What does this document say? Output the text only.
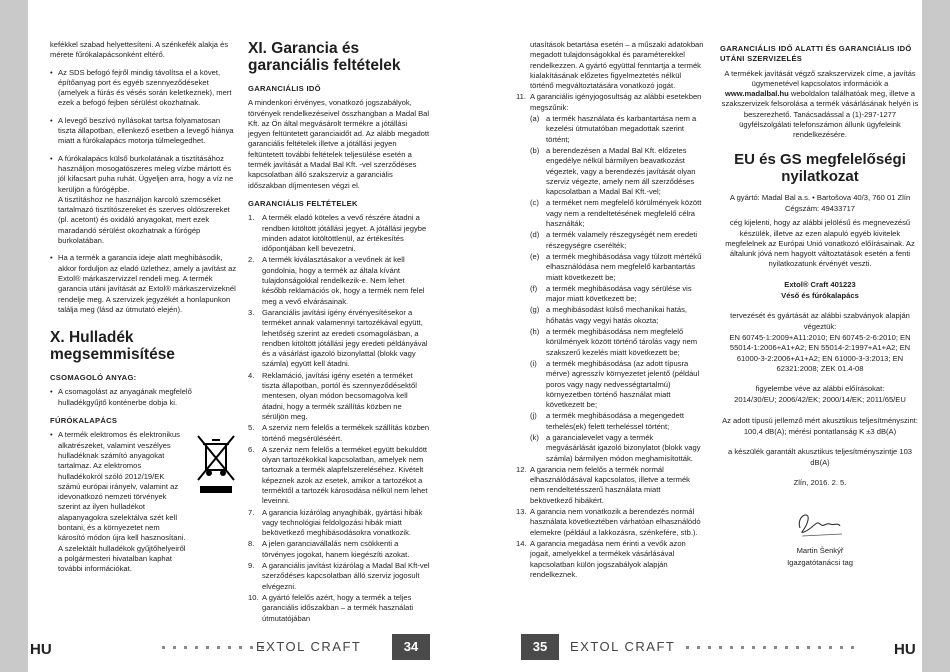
kefékkel szabad helyettesíteni. A szénkefék alakja és mérete fűrókalapácsonként eltérő.

• Az SDS befogó fejről mindig távolítsa el a követ, építőanyag port és egyéb szennyeződéseket (amelyek a fúrás és vésés során keletkeznek), mert ezek a befogó fejben sérülést okozhatnak.
• A levegő beszívó nyílásokat tartsa folyamatosan tiszta állapotban, ellenkező esetben a levegő hiánya miatt a fúrókalapács motorja túlmelegedhet.
• A fúrókalapács külső burkolatának a tisztításához használjon mosogatószeres meleg vízbe mártott és jól kifacsart puha ruhát. Ügyeljen arra, hogy a víz ne kerüljön a fúrógépbe.
A tisztításhoz ne használjon karcoló szemcséket tartalmazó tisztítószereket és szerves oldószereket (pl. acetont) és oxidáló anyagokat, mert ezek maradandó sérülést okozhatnak a fúrógép burkolatában.
• Ha a termék a garancia ideje alatt meghibásodik, akkor forduljon az eladó üzlethez, amely a javítást az Extol® márkaszervizzel rendeli meg. A termék garancia utáni javítását az Extol® márkaszervizeknél rendelje meg. A szervizek jegyzékét a honlapunkon találja meg (lásd az útmutató elején).
X. Hulladék megsemmisítése
CSOMAGOLÓ ANYAG:
• A csomagolást az anyagának megfelelő hulladékgyűjtő konténerbe dobja ki.
FÚRÓKALAPÁCS
• A termék elektromos és elektronikus alkatrészeket, valamint veszélyes hulladéknak számító anyagokat tartalmaz. Az elektromos hulladékokról szóló 2012/19/EK számú európai irányelv, valamint az idevonatkozó nemzeti törvények szerint az ilyen hulladékot alapanyagokra szelektálva szét kell bontani, és a környezetet nem károsító módon újra kell hasznosítani. A szelektált hulladékok gyűjtőhelyeiről a polgármesteri hivatalban kaphat további információkat.
XI. Garancia és garanciális feltételek
GARANCIÁLIS IDŐ

A mindenkori érvényes, vonatkozó jogszabályok, törvények rendelkezéseivel összhangban a Madal Bal Kft. az Ön által megvásárolt termékre a jótállási jegyen feltüntetett garanciaidőt ad. Az alább megadott garanciális feltételek illetve a jótállási jegyen feltüntetett további feltételek teljesülése esetén a termék javítását a Madal Bal Kft. -vel szerződéses kapcsolatban álló szakszerviz a garanciális időszakban díjmentesen végzi el.

GARANCIÁLIS FELTÉTELEK
1. A termék eladó köteles a vevő részére átadni a rendben kitöltött jótállási jegyet. A jótállási jegybe minden adatot kitöltöttlenül, az értékesítés időpontjában kell bevezetni.
2. A termék kiválasztásakor a vevőnek át kell gondolnia, hogy a termék az általa kívánt tulajdonságokkal rendelkezik-e. Nem lehet később reklamációs ok, hogy a termék nem felel meg a vevő elvárásainak.
3. Garanciális javítási igény érvényesítésekor a terméket annak valamennyi tartozékával együtt, lehetőség szerint az eredeti csomagolásban, a rendben kitöltött jótállási jegy eredeti példányával és a vásárlást igazoló bizonylattal (blokk vagy számla) együtt kell átadni.
4. Reklamáció, javítási igény esetén a terméket tiszta állapotban, portól és szennyeződésektől mentesen, olyan módon becsomagolva kell átadni, hogy a termék szállítás közben ne sérüljön meg.
5. A szerviz nem felelős a termékek szállítás közben történő megsérüléséért.
6. A szerviz nem felelős a terméket együtt bekuldött olyan tartozékokkal kapcsolatban, amelyek nem tartoznak a termék alapfelszereléséhez. Kivételt képeznek azok az esetek, amikor a tartozékot a terméktől a tartozék károsodása nélkül nem lehet leveinni.
7. A garancia kizárólag anyaghibák, gyártási hibák vagy technológiai feldolgozási hibák miatt bekövetkező meghibásodásokra vonatkozik.
8. A jelen garanciavállalás nem csökkenti a törvényes jogokat, hanem kiegészíti azokat.
9. A garanciális javítást kizárólag a Madal Bal Kft-vel szerződéses kapcsolatban álló szerviz jogosult elvégezni.
10. A gyártó felelős azért, hogy a termék a teljes garanciális időszakban – a termék használati útmutatójában

utasítások betartása esetén – a műszaki adatokban megadott tulajdonságokkal és paraméterekkel rendelkezzen. A gyártó együttal fenntartja a termék kialakításának előzetes figyelmeztetés nélkül történő megváltoztatására vonatkozó jogát.

11. A garanciális igényjogosultság az alábbi esetekben megszűnik:
(a) a termék használata és karbantartása nem a kezelési útmutatóban megadottak szerint történt;
(b) a berendezésen a Madal Bal Kft. előzetes engedélye nélkül bármilyen beavatkozást végeztek, vagy a berendezés javítását olyan szerviz végezte, amely nem áll szerződéses kapcsolatban a Madal Bal Kft.-vel;
(c) a terméket nem megfelelő körülmények között vagy nem a rendeltetésének megfelelő célra használták;
(d) a termék valamely részegységét nem eredeti részegységre cserélték;
(e) a termék meghibásodása vagy túlzott mértékű elhasználódása nem megfelelő karbantartás miatt következett be;
(f) a termék meghibásodása vagy sérülése vis major miatt következett be;
(g) a meghibásodást külső mechanikai hatás, hőhatás vagy vegyi hatás okozta;
(h) a termék meghibásodása nem megfelelő körülmények között történő tárolás vagy nem szakszerű kezelés miatt következett be;
(i) a termék meghibásodása (az adott típusra mérve) agresszív környezetet jelentő (például poros vagy nagy nedvességtartalmú) környezetben történő használat miatt következett be;
(j) a termék meghibásodása a megengedett terhelés(ek) felett terheléssel történt;
(k) a garancialevelet vagy a termék megvásárlását igazoló bizonylatot (blokk vagy számla) bármilyen módon meghamisították.
12. A garancia nem felelős a termék normál elhasználódásával kapcsolatos, illetve a termék nem rendeltetésszerű használata miatt bekövetkező hibákért.
13. A garancia nem vonatkozik a berendezés normál használata következtében várhatóan elhasználódó elemekre (például a lakkozásra, szénkefére, stb.).
14. A garancia megadása nem érinti a vevők azon jogait, amelyekkel a termékek vásárlásával kapcsolatban külön jogszabályok alapján rendelkeznek.
GARANCIÁLIS IDŐ ALATTI ÉS GARANCIÁLIS IDŐ UTÁNI SZERVIZELÉS

A termékek javítását végző szakszervizek címe, a javítás ügymenetével kapcsolatos információk a www.madalbal.hu weboldalon találhatóak meg, illetve a szakszervizek felsorolása a termék vásárlásának helyén is beszerezhető. Tanácsadással a (1)-297-1277 ügyfélszolgálati telefonszámon állunk ügyfeleink rendelkezésére.

EU és GS megfelelőségi nyilatkozat

A gyártó: Madal Bal a.s. • Bartošova 40/3, 760 01 Zlín

Cégszám: 49433717

cég kijelenti, hogy az alábbi jelölésű és megnevezésű készülék, illetve az ezen alapuló egyéb kivitelek megfelelnek az Európai Unió vonatkozó előírásainak. Az általunk jóvá nem hagyott változtatások esetén a fenti nyilatkozatunk érvényét veszti.

Extol® Craft 401223

Véső és fúrókalapács

tervezését és gyártását az alábbi szabványok alapján végeztük:

EN 60745-1:2009+A11:2010; EN 60745-2-6:2010; EN 55014-1:2006+A1+A2; EN 55014-2:1997+A1+A2; EN 61000-3-2:2006+A1+A2; EN 61000-3-3:2013; EN 62321:2008; ZEK 01.4-08

figyelembe véve az alábbi előírásokat:

2014/30/EU; 2006/42/EK; 2000/14/EK; 2011/65/EU

Az adott típusú jellemző mért akusztikus teljesítményszint:

100,4 dB(A); mérési pontatlanság K ±3 dB(A)

a készülék garantált akusztikus teljesítményszintje 103 dB(A)

Zlín, 2016. 2. 5.

Martin Šenkýř

Igazgatótanácsi tag

HU	HU
EXTOL CRAFT	34	35	EXTOL CRAFT
